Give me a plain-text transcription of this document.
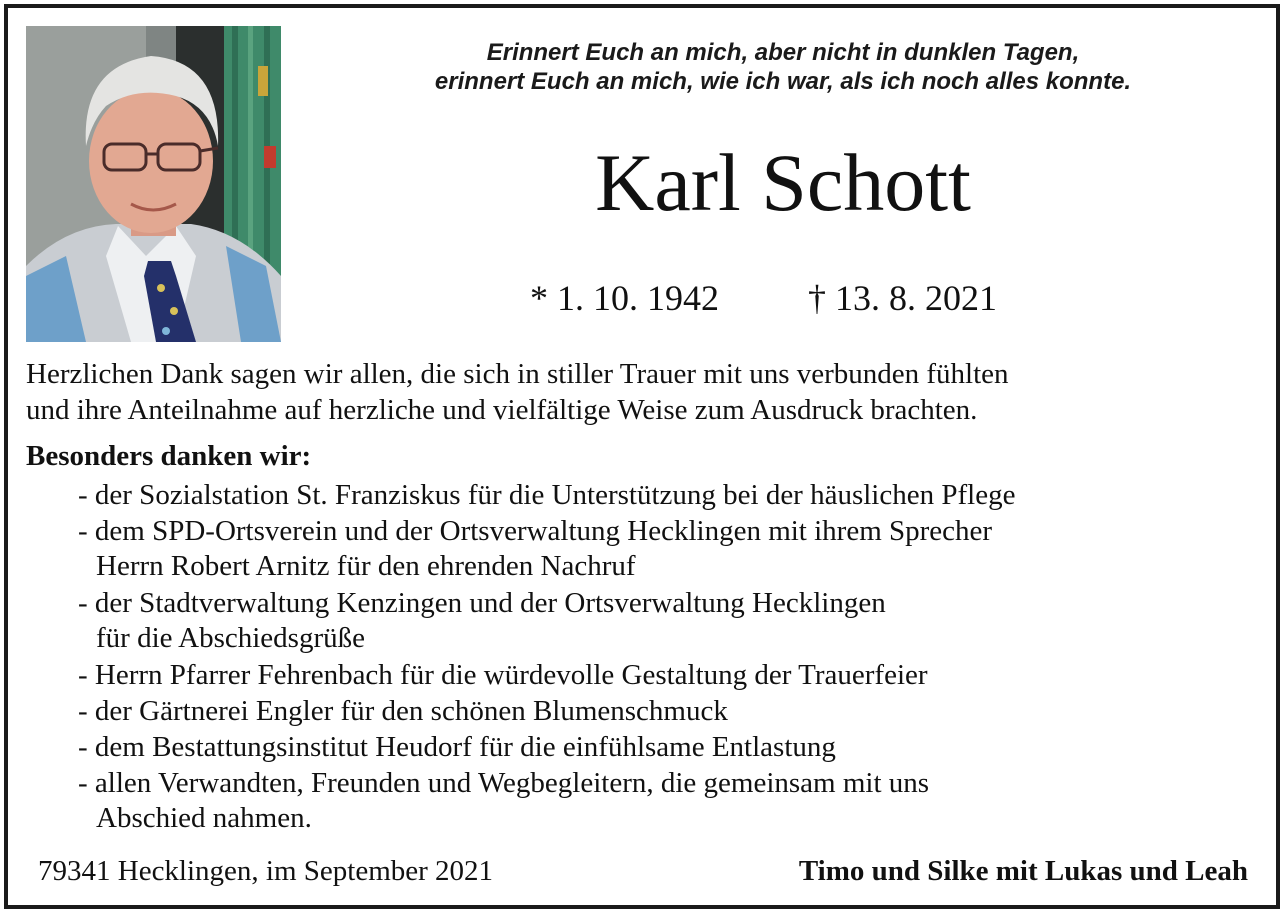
Erinnert Euch an mich, aber nicht in dunklen Tagen,
erinnert Euch an mich, wie ich war, als ich noch alles konnte.
Karl Schott
* 1. 10. 1942 † 13. 8. 2021
Herzlichen Dank sagen wir allen, die sich in stiller Trauer mit uns verbunden fühlten
und ihre Anteilnahme auf herzliche und vielfältige Weise zum Ausdruck brachten.
Besonders danken wir:
- der Sozialstation St. Franziskus für die Unterstützung bei der häuslichen Pflege
- dem SPD-Ortsverein und der Ortsverwaltung Hecklingen mit ihrem Sprecher
Herrn Robert Arnitz für den ehrenden Nachruf
- der Stadtverwaltung Kenzingen und der Ortsverwaltung Hecklingen
für die Abschiedsgrüße
- Herrn Pfarrer Fehrenbach für die würdevolle Gestaltung der Trauerfeier
- der Gärtnerei Engler für den schönen Blumenschmuck
- dem Bestattungsinstitut Heudorf für die einfühlsame Entlastung
- allen Verwandten, Freunden und Wegbegleitern, die gemeinsam mit uns
Abschied nahmen.
79341 Hecklingen, im September 2021	Timo und Silke mit Lukas und Leah
